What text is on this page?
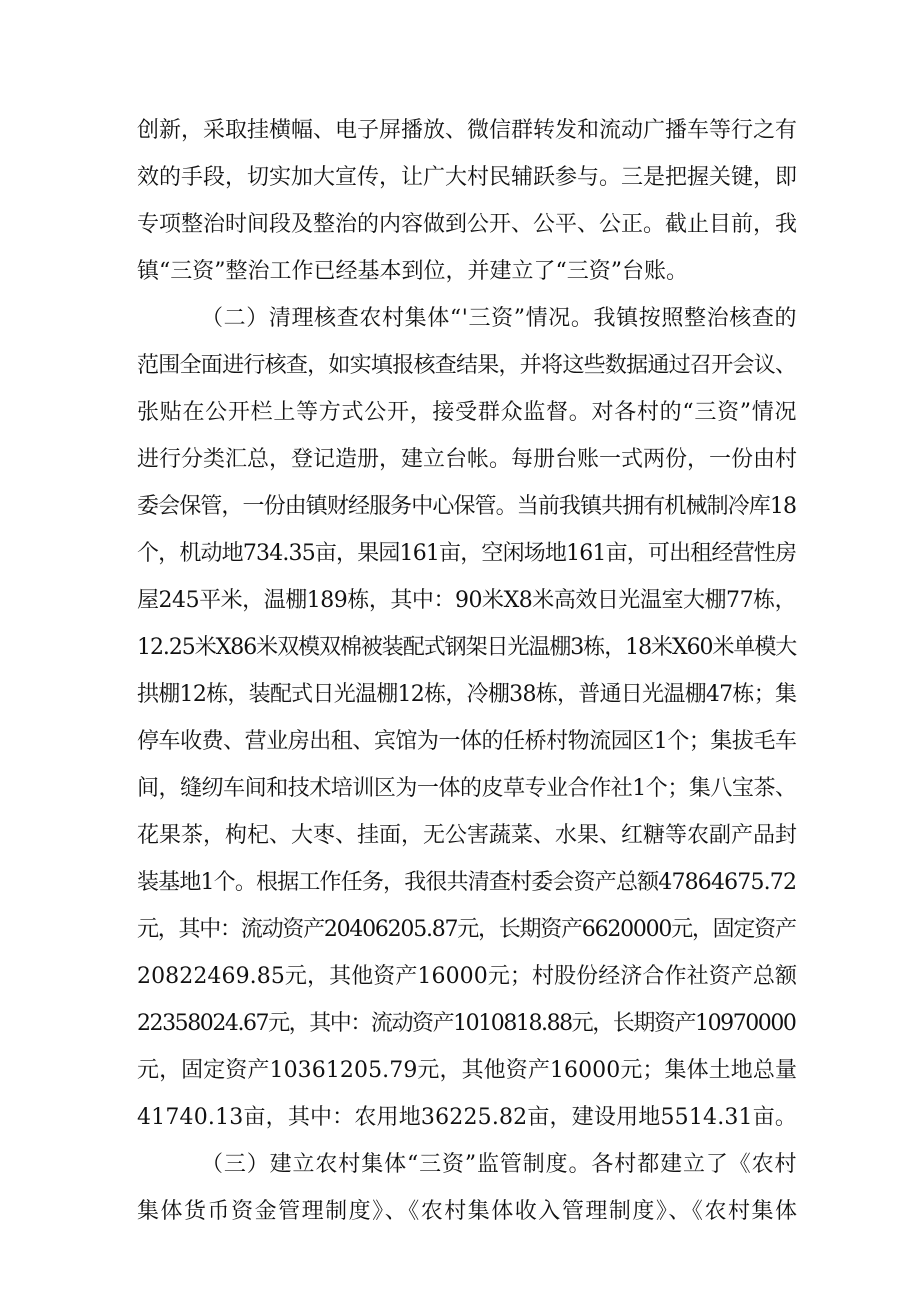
创新，采取挂横幅、电子屏播放、微信群转发和流动广播车等行之有
效的手段，切实加大宣传，让广大村民辅跃参与。三是把握关键，即
专项整治时间段及整治的内容做到公开、公平、公正。截止目前，我
镇“三资”整治工作已经基本到位，并建立了“三资”台账。
（二）清理核查农村集体“'三资”情况。我镇按照整治核查的
范围全面进行核查，如实填报核查结果，并将这些数据通过召开会议、
张贴在公开栏上等方式公开，接受群众监督。对各村的“三资”情况
进行分类汇总，登记造册，建立台帐。每册台账一式两份，一份由村
委会保管，一份由镇财经服务中心保管。当前我镇共拥有机械制冷库18
个，机动地734.35亩，果园161亩，空闲场地161亩，可出租经营性房
屋245平米，温棚189栋，其中：90米X8米高效日光温室大棚77栋，
12.25米X86米双模双棉被装配式钢架日光温棚3栋，18米X60米单模大
拱棚12栋，装配式日光温棚12栋，冷棚38栋，普通日光温棚47栋；集
停车收费、营业房出租、宾馆为一体的任桥村物流园区1个；集拔毛车
间，缝纫车间和技术培训区为一体的皮草专业合作社1个；集八宝茶、
花果茶，枸杞、大枣、挂面，无公害蔬菜、水果、红糖等农副产品封
装基地1个。根据工作任务，我很共清查村委会资产总额47864675.72
元，其中：流动资产20406205.87元，长期资产6620000元，固定资产
20822469.85元，其他资产16000元；村股份经济合作社资产总额
22358024.67元，其中：流动资产1010818.88元，长期资产10970000
元，固定资产10361205.79元，其他资产16000元；集体土地总量
41740.13亩，其中：农用地36225.82亩，建设用地5514.31亩。
（三）建立农村集体“三资”监管制度。各村都建立了《农村
集体货币资金管理制度》、《农村集体收入管理制度》、《农村集体
